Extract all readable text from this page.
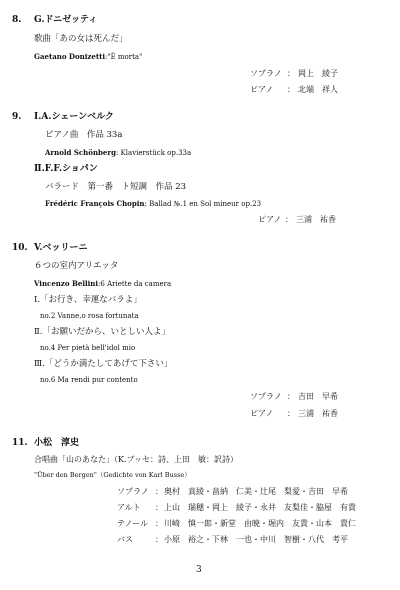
8. G.ドニゼッティ
歌曲「あの女は死んだ」
Gaetano Donizetti:"È morta"
ソプラノ ： 岡上　綾子
ピアノ ： 北端　祥人
9. Ⅰ.A.シェーンベルク
ピアノ曲　作品 33a
Arnold Schönberg: Klavierstück op.33a
Ⅱ.F.F.ショパン
バラード　第一番　ト短調　作品 23
Frédéric François Chopin: Ballad №.1 en Sol mineur op.23
ピアノ ： 三浦　祐香
10. V.ベッリーニ
６つの室内アリエッタ
Vincenzo Bellini:6 Ariette da camera
Ⅰ.「お行き、幸運なバラよ」
no.2 Vanne,o rosa fortunata
Ⅱ.「お願いだから、いとしい人よ」
no.4 Per pietà bell'idol mio
Ⅲ.「どうか満たしてあげて下さい」
no.6 Ma rendi pur contento
ソプラノ ： 吉田　早希
ピアノ ： 三浦　祐香
11. 小松　淳史
合唱曲「山のあなた」（K.ブッセ：詩、上田　敏：訳詩）
"Über den Bergen"（Gedichte von Karl Busse）
ソプラノ ： 奥村　真綾・畠納　仁美・辻尾　梨愛・吉田　早希
アルト ： 上山　瑞穂・岡上　綾子・永井　友梨佳・脇屋　有貴
テノール ： 川崎　慎一郎・新堂　由暁・堀内　友貴・山本　貴仁
バス	： 小原　裕之・下林　一也・中川　智樹・八代　考平
3
